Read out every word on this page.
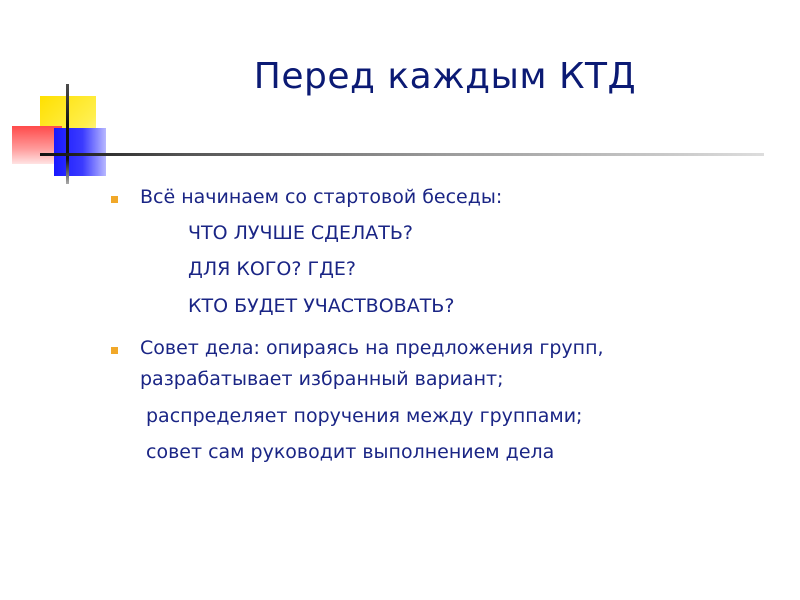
Перед каждым КТД
Всё начинаем со стартовой беседы:
ЧТО ЛУЧШЕ СДЕЛАТЬ?
ДЛЯ КОГО? ГДЕ?
КТО БУДЕТ УЧАСТВОВАТЬ?
Совет дела: опираясь на предложения групп,
разрабатывает избранный вариант;
распределяет поручения между группами;
совет сам руководит выполнением дела
